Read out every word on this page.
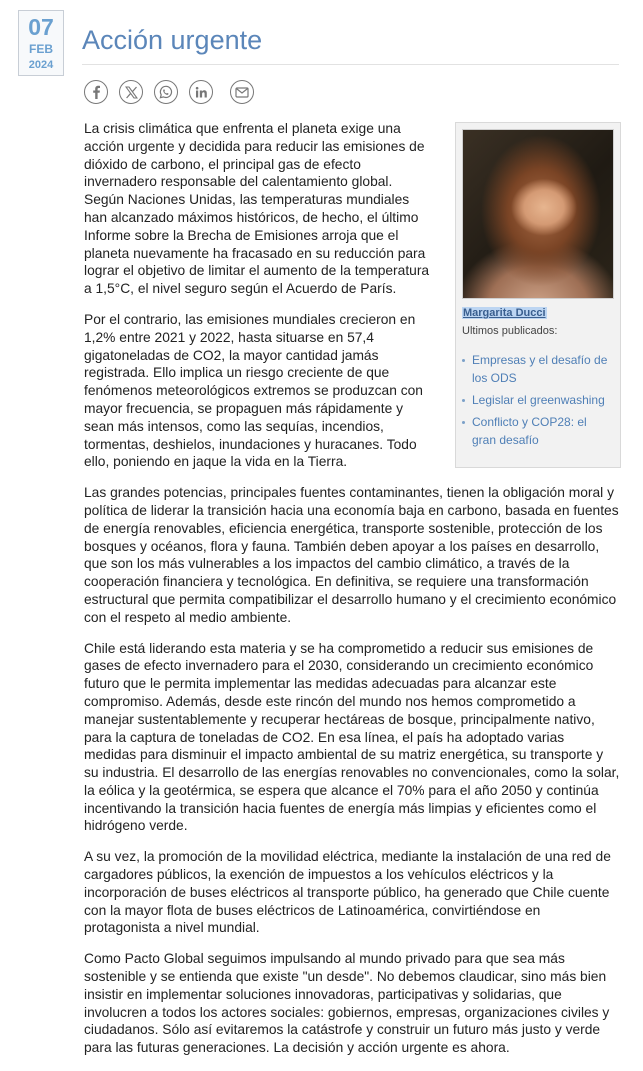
07
FEB
2024
Acción urgente
Margarita Ducci
Ultimos publicados:
Empresas y el desafío de los ODS
Legislar el greenwashing
Conflicto y COP28: el gran desafío

La crisis climática que enfrenta el planeta exige una acción urgente y decidida para reducir las emisiones de dióxido de carbono, el principal gas de efecto invernadero responsable del calentamiento global. Según Naciones Unidas, las temperaturas mundiales han alcanzado máximos históricos, de hecho, el último Informe sobre la Brecha de Emisiones arroja que el planeta nuevamente ha fracasado en su reducción para lograr el objetivo de limitar el aumento de la temperatura a 1,5°C, el nivel seguro según el Acuerdo de París.

Por el contrario, las emisiones mundiales crecieron en 1,2% entre 2021 y 2022, hasta situarse en 57,4 gigatoneladas de CO2, la mayor cantidad jamás registrada. Ello implica un riesgo creciente de que fenómenos meteorológicos extremos se produzcan con mayor frecuencia, se propaguen más rápidamente y sean más intensos, como las sequías, incendios, tormentas, deshielos, inundaciones y huracanes. Todo ello, poniendo en jaque la vida en la Tierra.

Las grandes potencias, principales fuentes contaminantes, tienen la obligación moral y política de liderar la transición hacia una economía baja en carbono, basada en fuentes de energía renovables, eficiencia energética, transporte sostenible, protección de los bosques y océanos, flora y fauna. También deben apoyar a los países en desarrollo, que son los más vulnerables a los impactos del cambio climático, a través de la cooperación financiera y tecnológica. En definitiva, se requiere una transformación estructural que permita compatibilizar el desarrollo humano y el crecimiento económico con el respeto al medio ambiente.

Chile está liderando esta materia y se ha comprometido a reducir sus emisiones de gases de efecto invernadero para el 2030, considerando un crecimiento económico futuro que le permita implementar las medidas adecuadas para alcanzar este compromiso. Además, desde este rincón del mundo nos hemos comprometido a manejar sustentablemente y recuperar hectáreas de bosque, principalmente nativo, para la captura de toneladas de CO2. En esa línea, el país ha adoptado varias medidas para disminuir el impacto ambiental de su matriz energética, su transporte y su industria. El desarrollo de las energías renovables no convencionales, como la solar, la eólica y la geotérmica, se espera que alcance el 70% para el año 2050 y continúa incentivando la transición hacia fuentes de energía más limpias y eficientes como el hidrógeno verde.

A su vez, la promoción de la movilidad eléctrica, mediante la instalación de una red de cargadores públicos, la exención de impuestos a los vehículos eléctricos y la incorporación de buses eléctricos al transporte público, ha generado que Chile cuente con la mayor flota de buses eléctricos de Latinoamérica, convirtiéndose en protagonista a nivel mundial.

Como Pacto Global seguimos impulsando al mundo privado para que sea más sostenible y se entienda que existe "un desde". No debemos claudicar, sino más bien insistir en implementar soluciones innovadoras, participativas y solidarias, que involucren a todos los actores sociales: gobiernos, empresas, organizaciones civiles y ciudadanos. Sólo así evitaremos la catástrofe y construir un futuro más justo y verde para las futuras generaciones. La decisión y acción urgente es ahora.
